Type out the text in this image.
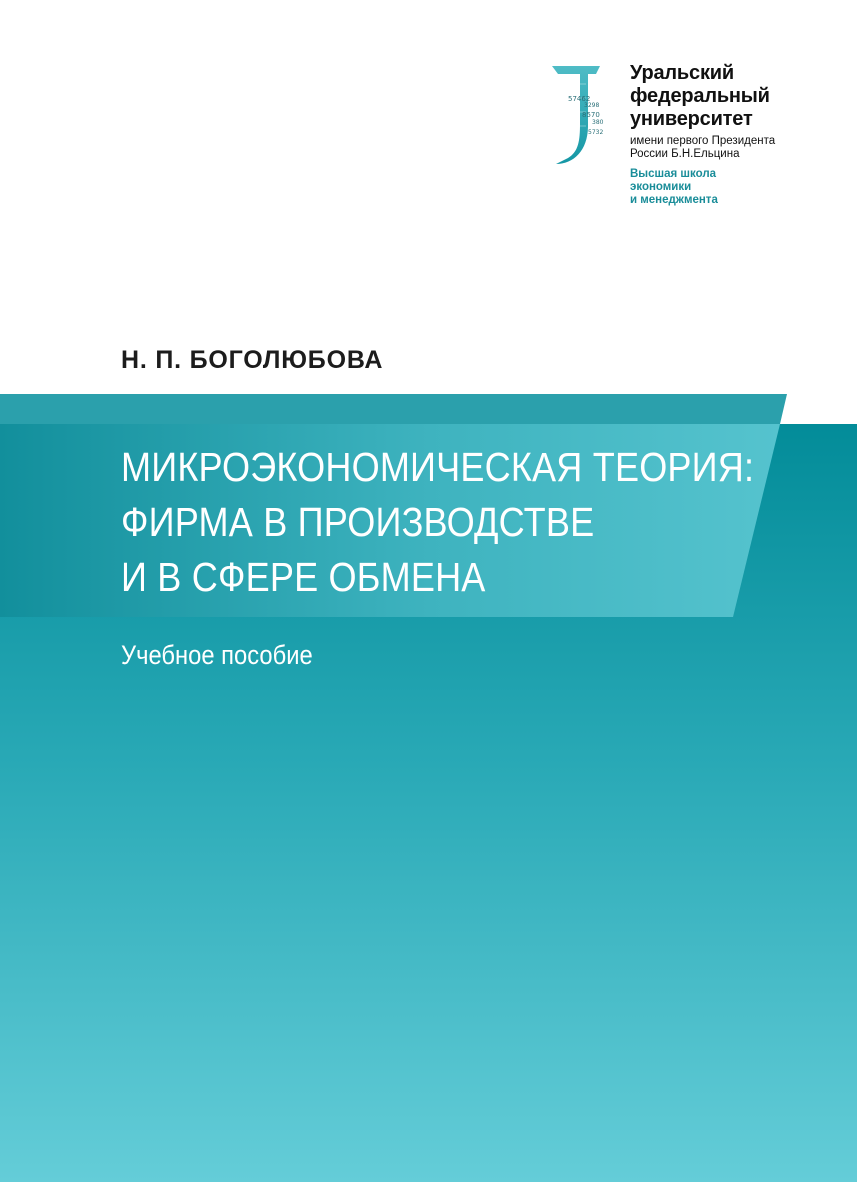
57462
3298
8570
380
5732
Уральский
федеральный
университет
имени первого Президента
России Б.Н.Ельцина
Высшая школа
экономики
и менеджмента
Н. П. БОГОЛЮБОВА
МИКРОЭКОНОМИЧЕСКАЯ ТЕОРИЯ:
ФИРМА В ПРОИЗВОДСТВЕ
И В СФЕРЕ ОБМЕНА
Учебное пособие
